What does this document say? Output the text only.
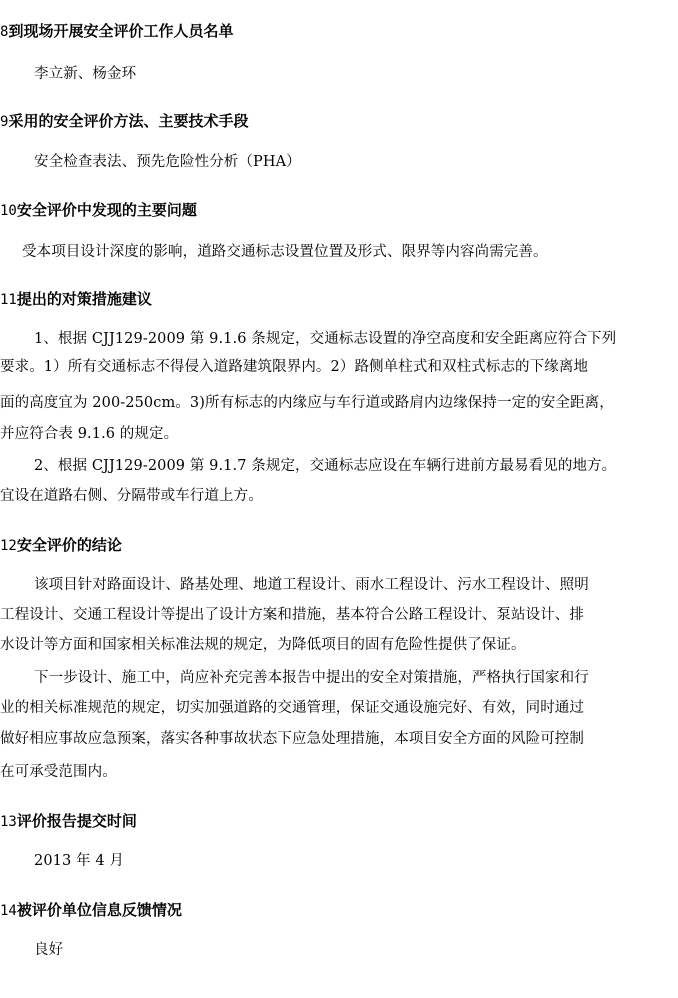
8到现场开展安全评价工作人员名单
李立新、杨金环
9采用的安全评价方法、主要技术手段
安全检查表法、预先危险性分析（PHA）
10安全评价中发现的主要问题
受本项目设计深度的影响，道路交通标志设置位置及形式、限界等内容尚需完善。
11提出的对策措施建议
1、根据 CJJ129-2009 第 9.1.6 条规定，交通标志设置的净空高度和安全距离应符合下列
要求。1）所有交通标志不得侵入道路建筑限界内。2）路侧单柱式和双柱式标志的下缘离地
面的高度宜为 200-250cm。3)所有标志的内缘应与车行道或路肩内边缘保持一定的安全距离，
并应符合表 9.1.6 的规定。
2、根据 CJJ129-2009 第 9.1.7 条规定，交通标志应设在车辆行进前方最易看见的地方。
宜设在道路右侧、分隔带或车行道上方。
12安全评价的结论
该项目针对路面设计、路基处理、地道工程设计、雨水工程设计、污水工程设计、照明
工程设计、交通工程设计等提出了设计方案和措施，基本符合公路工程设计、泵站设计、排
水设计等方面和国家相关标准法规的规定，为降低项目的固有危险性提供了保证。
下一步设计、施工中，尚应补充完善本报告中提出的安全对策措施，严格执行国家和行
业的相关标准规范的规定，切实加强道路的交通管理，保证交通设施完好、有效，同时通过
做好相应事故应急预案，落实各种事故状态下应急处理措施，本项目安全方面的风险可控制
在可承受范围内。
13评价报告提交时间
2013 年 4 月
14被评价单位信息反馈情况
良好
